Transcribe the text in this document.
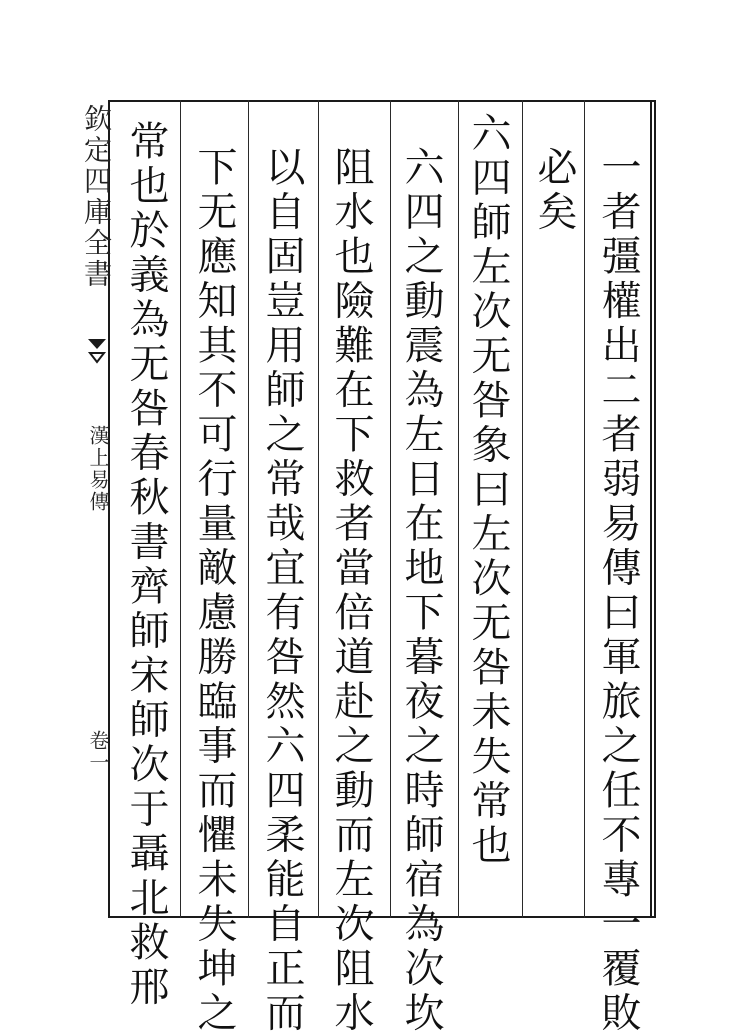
欽定四庫全書
漢上易傳
卷一	一者彊權出二者弱易傳曰軍旅之任不專一覆敗
必矣
六四師左次无咎象曰左次无咎未失常也
六四之動震為左日在地下暮夜之時師宿為次坎
阻水也險難在下救者當倍道赴之動而左次阻水
以自固豈用師之常哉宜有咎然六四柔能自正而
下无應知其不可行量敵慮勝臨事而懼未失坤之
常也於義為无咎春秋書齊師宋師次于聶北救邢
